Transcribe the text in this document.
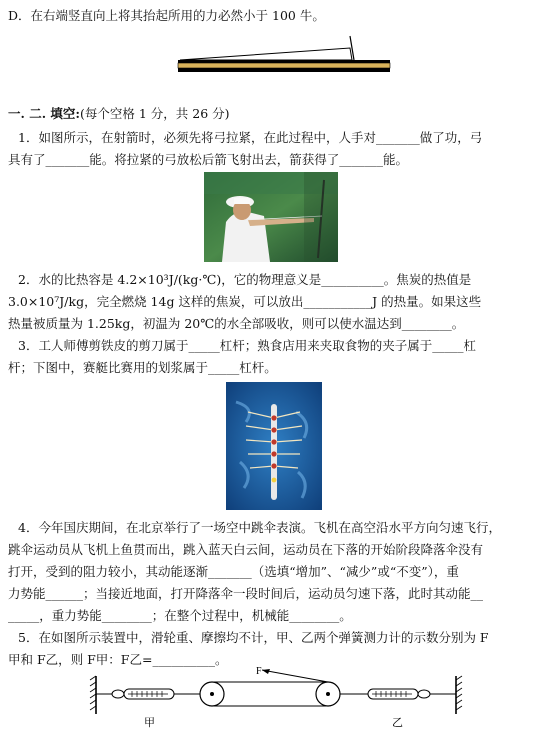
D．在右端竖直向上将其抬起所用的力必然小于 100 牛。
一. 二. 填空:(每个空格 1 分，共 26 分)
1．如图所示，在射箭时，必须先将弓拉紧，在此过程中，人手对_______做了功，弓
具有了_______能。将拉紧的弓放松后箭飞射出去，箭获得了_______能。
2．水的比热容是 4.2×10³J/(kg·℃)，它的物理意义是__________。焦炭的热值是
3.0×10⁷J/kg，完全燃烧 14g 这样的焦炭，可以放出___________J 的热量。如果这些
热量被质量为 1.25kg，初温为 20℃的水全部吸收，则可以使水温达到________。
3．工人师傅剪铁皮的剪刀属于_____杠杆；熟食店用来夹取食物的夹子属于_____杠
杆；下图中，赛艇比赛用的划浆属于_____杠杆。
4．今年国庆期间，在北京举行了一场空中跳伞表演。飞机在高空沿水平方向匀速飞行，
跳伞运动员从飞机上鱼贯而出，跳入蓝天白云间，运动员在下落的开始阶段降落伞没有
打开，受到的阻力较小，其动能逐渐_______（选填“增加”、“减少”或“不变”），重
力势能______；当接近地面，打开降落伞一段时间后，运动员匀速下落，此时其动能__
_____，重力势能________；在整个过程中，机械能________。
5．在如图所示装置中，滑轮重、摩擦均不计，甲、乙两个弹簧测力计的示数分别为 F
甲和 F乙，则 F甲：F乙=__________。
F
甲	乙
